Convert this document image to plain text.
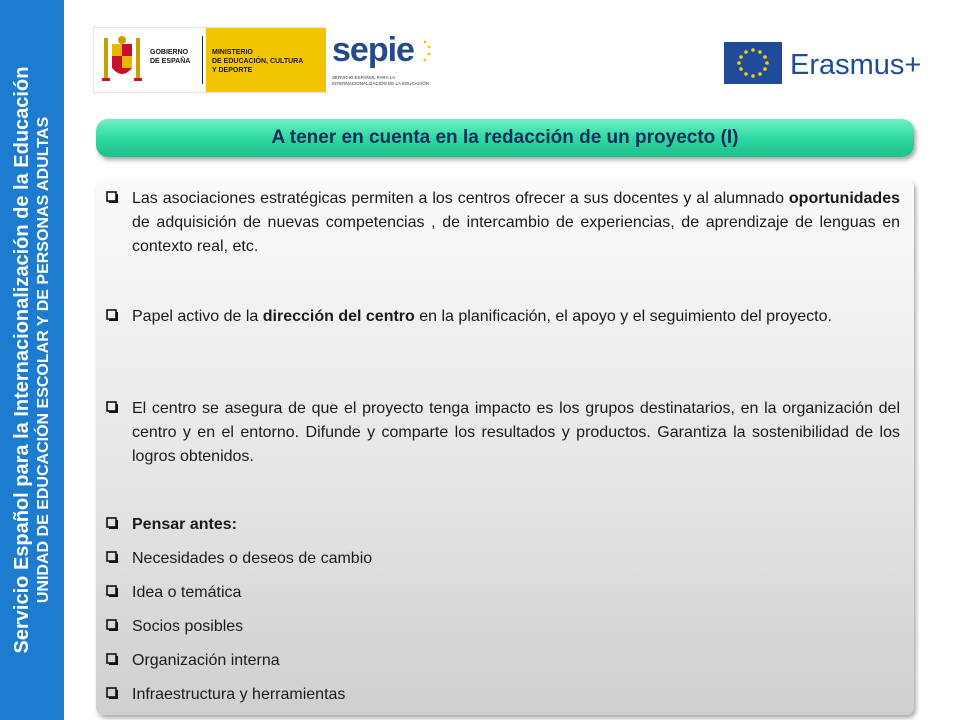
Servicio Español para la Internacionalización de la Educación UNIDAD DE EDUCACIÓN ESCOLAR Y DE PERSONAS ADULTAS
GOBIERNO
DE ESPAÑA
MINISTERIO
DE EDUCACIÓN, CULTURA
Y DEPORTE
sepie
SERVICIO ESPAÑOL PARA LA
INTERNACIONALIZACIÓN DE LA EDUCACIÓN
Erasmus+
A tener en cuenta en la redacción de un proyecto (I)
Las asociaciones estratégicas permiten a los centros ofrecer a sus docentes y al alumnado oportunidades de adquisición de nuevas competencias , de intercambio de experiencias, de aprendizaje de lenguas en contexto real, etc.
Papel activo de la dirección del centro en la planificación, el apoyo y el seguimiento del proyecto.
El centro se asegura de que el proyecto tenga impacto es los grupos destinatarios, en la organización del centro y en el entorno. Difunde y comparte los resultados y productos. Garantiza la sostenibilidad de los logros obtenidos.
Pensar antes:
Necesidades o deseos de cambio
Idea o temática
Socios posibles
Organización interna
Infraestructura y herramientas
